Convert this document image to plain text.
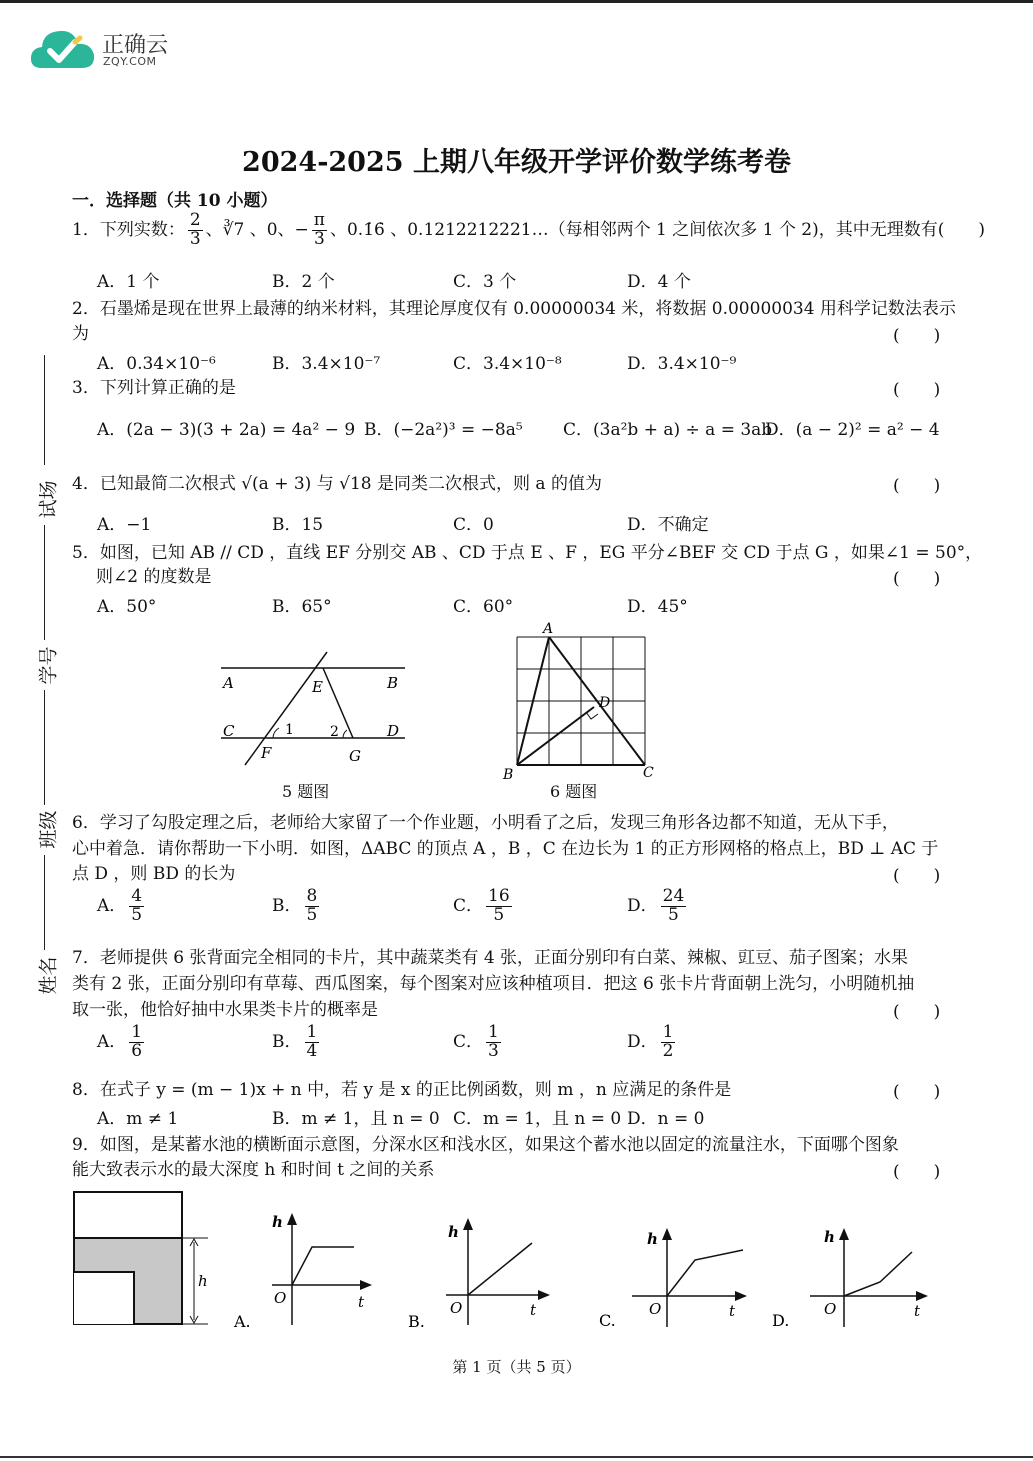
正确云
ZQY.COM
2024-2025 上期八年级开学评价数学练考卷
一．选择题（共 10 小题）
试场
学号
班级
姓名
1．下列实数： $\frac{2}{3}$ 、∛7 、0、− $\frac{\pi}{3}$ 、0.1̇6̇ 、0.1212212221…（每相邻两个 1 之间依次多 1 个 2)，其中无理数有(　　)
A．1 个	B．2 个	C．3 个	D．4 个
2．石墨烯是现在世界上最薄的纳米材料，其理论厚度仅有 0.00000034 米，将数据 0.00000034 用科学记数法表示
为	(　　)
A．0.34×10⁻⁶	B．3.4×10⁻⁷	C．3.4×10⁻⁸	D．3.4×10⁻⁹
3．下列计算正确的是	(　　)
A．(2a − 3)(3 + 2a) = 4a² − 9 B．(−2a²)³ = −8a⁵ C．(3a²b + a) ÷ a = 3ab
D．(a − 2)² = a² − 4
4．已知最简二次根式 √(a + 3) 与 √18 是同类二次根式，则 a 的值为	(　　)
A．−1	B．15	C．0	D．不确定
5．如图，已知 AB // CD ，直线 EF 分别交 AB 、CD 于点 E 、F ，EG 平分∠BEF 交 CD 于点 G ，如果∠1 = 50°，
则∠2 的度数是	(　　)
A．50°	B．65°	C．60°	D．45°
A	E	B
C	1	2	D
F	G
5 题图
A
D
B	C
6 题图
6．学习了勾股定理之后，老师给大家留了一个作业题，小明看了之后，发现三角形各边都不知道，无从下手，
心中着急．请你帮助一下小明．如图，ΔABC 的顶点 A ，B ，C 在边长为 1 的正方形网格的格点上，BD ⊥ AC 于
点 D ，则 BD 的长为	(　　)
A． $\frac{4}{5}$	B． $\frac{8}{5}$	C． $\frac{16}{5}$	D． $\frac{24}{5}$
7．老师提供 6 张背面完全相同的卡片，其中蔬菜类有 4 张，正面分别印有白菜、辣椒、豇豆、茄子图案；水果
类有 2 张，正面分别印有草莓、西瓜图案，每个图案对应该种植项目．把这 6 张卡片背面朝上洗匀，小明随机抽
取一张，他恰好抽中水果类卡片的概率是	(　　)
A． $\frac{1}{6}$	B． $\frac{1}{4}$	C． $\frac{1}{3}$	D． $\frac{1}{2}$
8．在式子 y = (m − 1)x + n 中，若 y 是 x 的正比例函数，则 m ，n 应满足的条件是	(　　)
A．m ≠ 1	B．m ≠ 1，且 n = 0 C．m = 1，且 n = 0 D．n = 0
9．如图，是某蓄水池的横断面示意图，分深水区和浅水区，如果这个蓄水池以固定的流量注水，下面哪个图象
能大致表示水的最大深度 h 和时间 t 之间的关系	(　　)
h
h
t
O
A.
h
t
O
B.
h
t
O
C.
h
t
O
D.
第 1 页（共 5 页）
